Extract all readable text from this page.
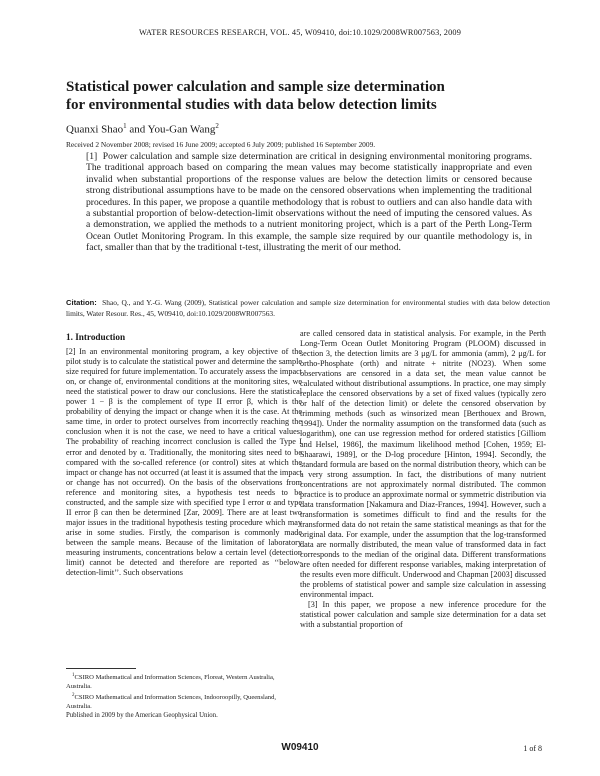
WATER RESOURCES RESEARCH, VOL. 45, W09410, doi:10.1029/2008WR007563, 2009
Statistical power calculation and sample size determination
for environmental studies with data below detection limits
Quanxi Shao$^1$ and You-Gan Wang$^2$
Received 2 November 2008; revised 16 June 2009; accepted 6 July 2009; published 16 September 2009.

[1] Power calculation and sample size determination are critical in designing environmental monitoring programs. The traditional approach based on comparing the mean values may become statistically inappropriate and even invalid when substantial proportions of the response values are below the detection limits or censored because strong distributional assumptions have to be made on the censored observations when implementing the traditional procedures. In this paper, we propose a quantile methodology that is robust to outliers and can also handle data with a substantial proportion of below-detection-limit observations without the need of imputing the censored values. As a demonstration, we applied the methods to a nutrient monitoring project, which is a part of the Perth Long-Term Ocean Outlet Monitoring Program. In this example, the sample size required by our quantile methodology is, in fact, smaller than that by the traditional t-test, illustrating the merit of our method.

Citation: Shao, Q., and Y.-G. Wang (2009), Statistical power calculation and sample size determination for environmental studies with data below detection limits, Water Resour. Res., 45, W09410, doi:10.1029/2008WR007563.

1. Introduction

[2] In an environmental monitoring program, a key objective of the pilot study is to calculate the statistical power and determine the sample size required for future implementation. To accurately assess the impact on, or change of, environmental conditions at the monitoring sites, we need the statistical power to draw our conclusions. Here the statistical power 1 − β is the complement of type II error β, which is the probability of denying the impact or change when it is the case. At the same time, in order to protect ourselves from incorrectly reaching the conclusion when it is not the case, we need to have a critical values. The probability of reaching incorrect conclusion is called the Type I error and denoted by α. Traditionally, the monitoring sites need to be compared with the so-called reference (or control) sites at which the impact or change has not occurred (at least it is assumed that the impact or change has not occurred). On the basis of the observations from reference and monitoring sites, a hypothesis test needs to be constructed, and the sample size with specified type I error α and type II error β can then be determined [Zar, 2009]. There are at least two major issues in the traditional hypothesis testing procedure which may arise in some studies. Firstly, the comparison is commonly made between the sample means. Because of the limitation of laboratory measuring instruments, concentrations below a certain level (detection limit) cannot be detected and therefore are reported as ‘‘below-detection-limit’’. Such observations

are called censored data in statistical analysis. For example, in the Perth Long-Term Ocean Outlet Monitoring Program (PLOOM) discussed in section 3, the detection limits are 3 μg/L for ammonia (amm), 2 μg/L for ortho-Phosphate (orth) and nitrate + nitrite (NO23). When some observations are censored in a data set, the mean value cannot be calculated without distributional assumptions. In practice, one may simply replace the censored observations by a set of fixed values (typically zero or half of the detection limit) or delete the censored observation by trimming methods (such as winsorized mean [Berthouex and Brown, 1994]). Under the normality assumption on the transformed data (such as logarithm), one can use regression method for ordered statistics [Gilliom and Helsel, 1986], the maximum likelihood method [Cohen, 1959; El-Shaarawi, 1989], or the D-log procedure [Hinton, 1994]. Secondly, the standard formula are based on the normal distribution theory, which can be a very strong assumption. In fact, the distributions of many nutrient concentrations are not approximately normal distributed. The common practice is to produce an approximate normal or symmetric distribution via data transformation [Nakamura and Diaz-Frances, 1994]. However, such a transformation is sometimes difficult to find and the results for the transformed data do not retain the same statistical meanings as that for the original data. For example, under the assumption that the log-transformed data are normally distributed, the mean value of transformed data in fact corresponds to the median of the original data. Different transformations are often needed for different response variables, making interpretation of the results even more difficult. Underwood and Chapman [2003] discussed the problems of statistical power and sample size calculation in assessing environmental impact.

[3] In this paper, we propose a new inference procedure for the statistical power calculation and sample size determination for a data set with a substantial proportion of

$^1$CSIRO Mathematical and Information Sciences, Floreat, Western Australia, Australia.

$^2$CSIRO Mathematical and Information Sciences, Indooroopilly, Queensland, Australia.

Published in 2009 by the American Geophysical Union.
W09410	1 of 8
